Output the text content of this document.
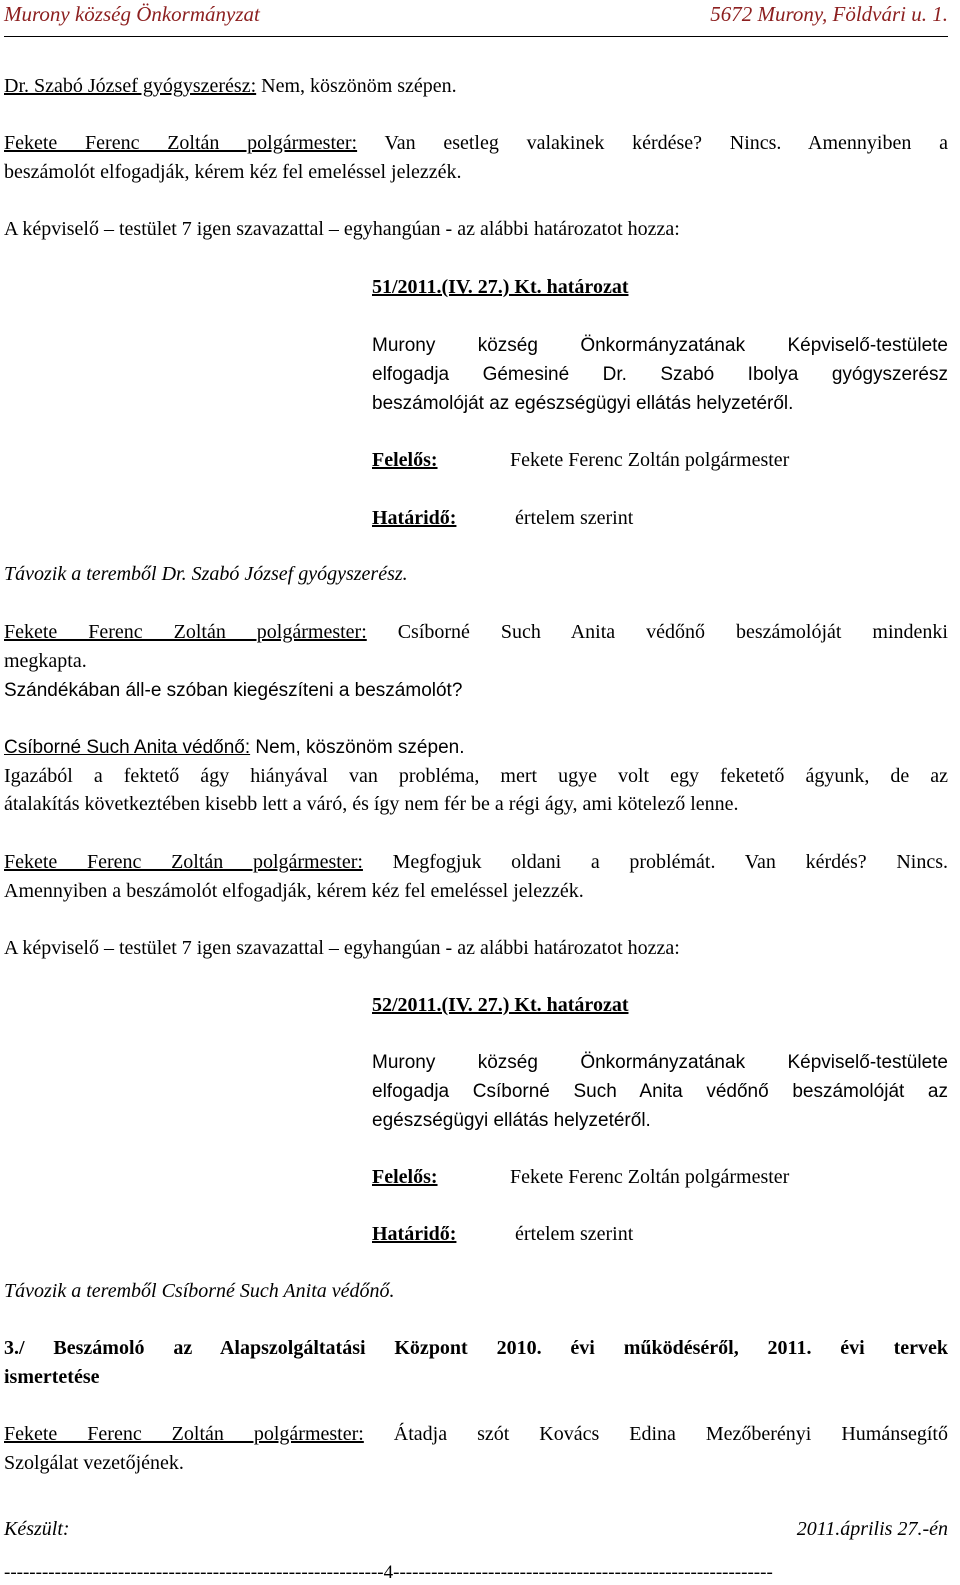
Murony község Önkormányzat	5672 Murony, Földvári u. 1.
Dr. Szabó József gyógyszerész: Nem, köszönöm szépen.
Fekete Ferenc Zoltán polgármester: Van esetleg valakinek kérdése? Nincs. Amennyiben a
beszámolót elfogadják, kérem kéz fel emeléssel jelezzék.
A képviselő – testület 7 igen szavazattal – egyhangúan - az alábbi határozatot hozza:
51/2011.(IV. 27.) Kt. határozat
Murony község Önkormányzatának Képviselő-testülete
elfogadja Gémesiné Dr. Szabó Ibolya gyógyszerész
beszámolóját az egészségügyi ellátás helyzetéről.
Felelős:	Fekete Ferenc Zoltán polgármester
Határidő:	értelem szerint
Távozik a teremből Dr. Szabó József gyógyszerész.
Fekete Ferenc Zoltán polgármester: Csíborné Such Anita védőnő beszámolóját mindenki
megkapta.
Szándékában áll-e szóban kiegészíteni a beszámolót?
Csíborné Such Anita védőnő: Nem, köszönöm szépen.
Igazából a fektető ágy hiányával van probléma, mert ugye volt egy feketető ágyunk, de az
átalakítás következtében kisebb lett a váró, és így nem fér be a régi ágy, ami kötelező lenne.
Fekete Ferenc Zoltán polgármester: Megfogjuk oldani a problémát. Van kérdés? Nincs.
Amennyiben a beszámolót elfogadják, kérem kéz fel emeléssel jelezzék.
A képviselő – testület 7 igen szavazattal – egyhangúan - az alábbi határozatot hozza:
52/2011.(IV. 27.) Kt. határozat
Murony község Önkormányzatának Képviselő-testülete
elfogadja Csíborné Such Anita védőnő beszámolóját az
egészségügyi ellátás helyzetéről.
Felelős:	Fekete Ferenc Zoltán polgármester
Határidő:	értelem szerint
Távozik a teremből Csíborné Such Anita védőnő.
3./ Beszámoló az Alapszolgáltatási Központ 2010. évi működéséről, 2011. évi tervek
ismertetése
Fekete Ferenc Zoltán polgármester: Átadja szót Kovács Edina Mezőberényi Humánsegítő
Szolgálat vezetőjének.
Készült:	2011.április 27.-én
------------------------------------------------------------4------------------------------------------------------------
